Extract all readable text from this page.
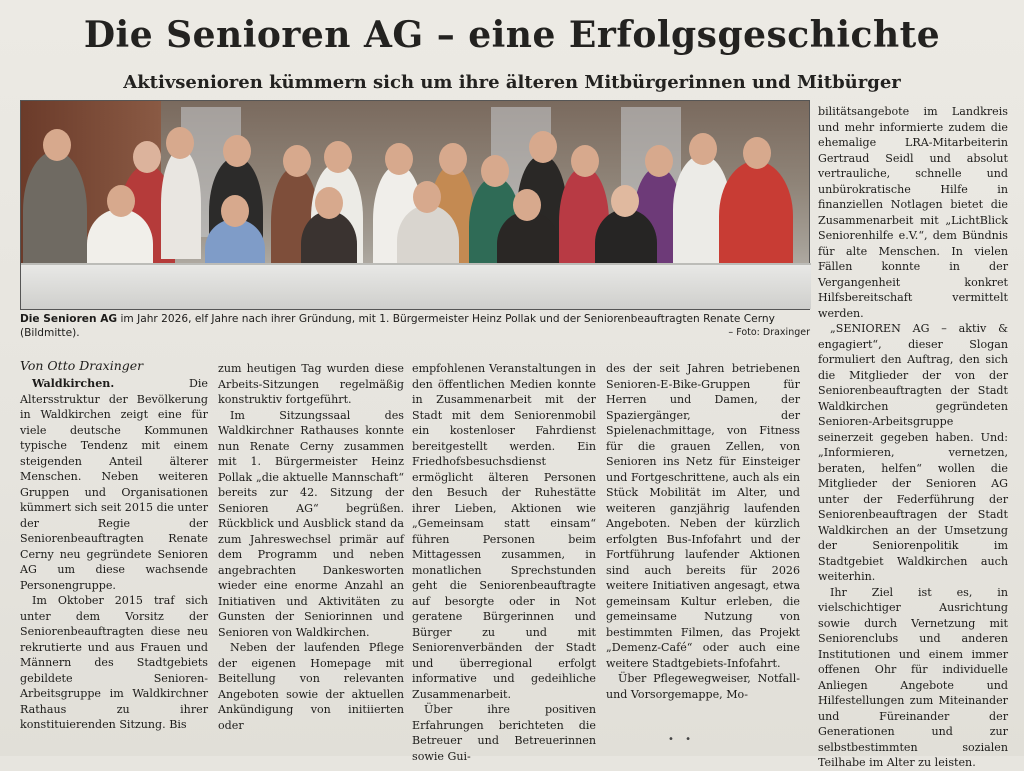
Die Senioren AG – eine Erfolgsgeschichte
Aktivsenioren kümmern sich um ihre älteren Mitbürgerinnen und Mitbürger
Die Senioren AG im Jahr 2026, elf Jahre nach ihrer Gründung, mit 1. Bürgermeister Heinz Pollak und der Seniorenbeauftragten Renate Cerny (Bildmitte).	– Foto: Draxinger
Von Otto Draxinger

Waldkirchen. Die Altersstruktur der Bevölkerung in Waldkirchen zeigt eine für viele deutsche Kommunen typische Tendenz mit einem steigenden Anteil älterer Menschen. Neben weiteren Gruppen und Organisationen kümmert sich seit 2015 die unter der Regie der Seniorenbeauftragten Renate Cerny neu gegründete Senioren AG um diese wachsende Personengruppe.

Im Oktober 2015 traf sich unter dem Vorsitz der Seniorenbeauftragten diese neu rekrutierte und aus Frauen und Männern des Stadtgebiets gebildete Senioren-Arbeitsgruppe im Waldkirchner Rathaus zu ihrer konstituierenden Sitzung. Bis

zum heutigen Tag wurden diese Arbeits-Sitzungen regelmäßig konstruktiv fortgeführt.

Im Sitzungssaal des Waldkirchner Rathauses konnte nun Renate Cerny zusammen mit 1. Bürgermeister Heinz Pollak „die aktuelle Mannschaft“ bereits zur 42. Sitzung der Senioren AG“ begrüßen. Rückblick und Ausblick stand da zum Jahreswechsel primär auf dem Programm und neben angebrachten Dankesworten wieder eine enorme Anzahl an Initiativen und Aktivitäten zu Gunsten der Seniorinnen und Senioren von Waldkirchen.

Neben der laufenden Pflege der eigenen Homepage mit Beitellung von relevanten Angeboten sowie der aktuellen Ankündigung von initiierten oder

empfohlenen Veranstaltungen in den öffentlichen Medien konnte in Zusammenarbeit mit der Stadt mit dem Seniorenmobil ein kostenloser Fahrdienst bereitgestellt werden. Ein Friedhofsbesuchsdienst ermöglicht älteren Personen den Besuch der Ruhestätte ihrer Lieben, Aktionen wie „Gemeinsam statt einsam“ führen Personen beim Mittagessen zusammen, in monatlichen Sprechstunden geht die Seniorenbeauftragte auf besorgte oder in Not geratene Bürgerinnen und Bürger zu und mit Seniorenverbänden der Stadt und überregional erfolgt informative und gedeihliche Zusammenarbeit.

Über ihre positiven Erfahrungen berichteten die Betreuer und Betreuerinnen sowie Gui-

des der seit Jahren betriebenen Senioren-E-Bike-Gruppen für Herren und Damen, der Spaziergänger, der Spielenachmittage, von Fitness für die grauen Zellen, von Senioren ins Netz für Einsteiger und Fortgeschrittene, auch als ein Stück Mobilität im Alter, und weiteren ganzjährig laufenden Angeboten. Neben der kürzlich erfolgten Bus-Infofahrt und der Fortführung laufender Aktionen sind auch bereits für 2026 weitere Initiativen angesagt, etwa gemeinsam Kultur erleben, die gemeinsame Nutzung von bestimmten Filmen, das Projekt „Demenz-Café“ oder auch eine weitere Stadtgebiets-Infofahrt.

Über Pflegewegweiser, Notfall- und Vorsorgemappe, Mo-

bilitätsangebote im Landkreis und mehr informierte zudem die ehemalige LRA-Mitarbeiterin Gertraud Seidl und absolut vertrauliche, schnelle und unbürokratische Hilfe in finanziellen Notlagen bietet die Zusammenarbeit mit „LichtBlick Seniorenhilfe e.V.“, dem Bündnis für alte Menschen. In vielen Fällen konnte in der Vergangenheit konkret Hilfsbereitschaft vermittelt werden.

„SENIOREN AG – aktiv & engagiert“, dieser Slogan formuliert den Auftrag, den sich die Mitglieder der von der Seniorenbeauftragten der Stadt Waldkirchen gegründeten Senioren-Arbeitsgruppe seinerzeit gegeben haben. Und: „Informieren, vernetzen, beraten, helfen“ wollen die Mitglieder der Senioren AG unter der Federführung der Seniorenbeauftragen der Stadt Waldkirchen an der Umsetzung der Seniorenpolitik im Stadtgebiet Waldkirchen auch weiterhin.

Ihr Ziel ist es, in vielschichtiger Ausrichtung sowie durch Vernetzung mit Seniorenclubs und anderen Institutionen und einem immer offenen Ohr für individuelle Anliegen Angebote und Hilfestellungen zum Miteinander und Füreinander der Generationen und zur selbstbestimmten sozialen Teilhabe im Alter zu leisten.

• •
